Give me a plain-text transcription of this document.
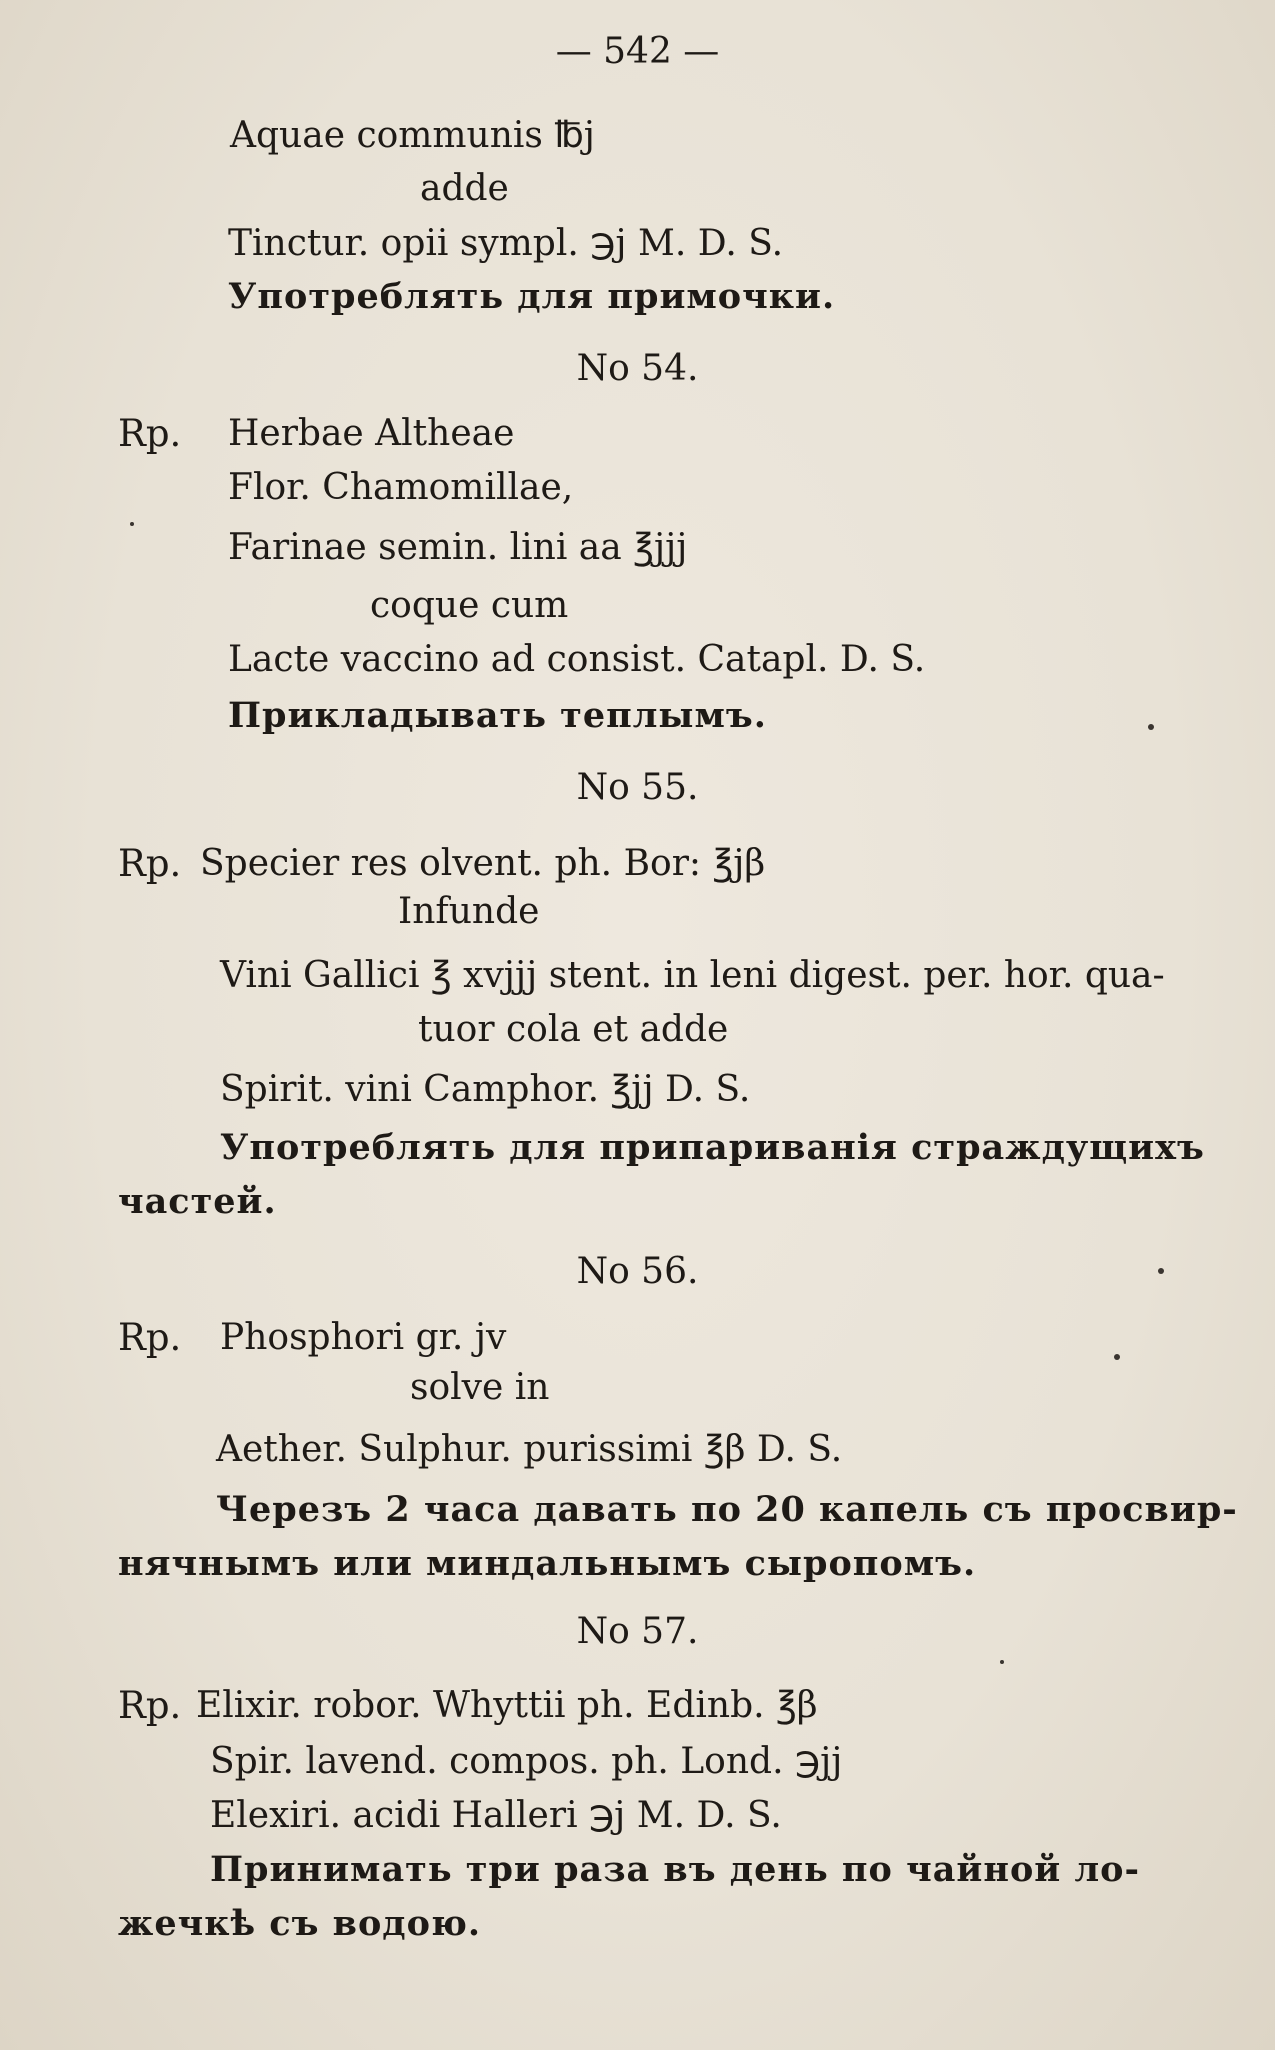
— 542 —
Aquae communis ℔j
adde
Tinctur. opii sympl. ℈j M. D. S.
Употреблять для примочки.
No 54.
Rp. Herbae Altheae
Flor. Chamomillae,
Farinae semin. lini aa ℥jjj
coque cum
Lacte vaccino ad consist. Catapl. D. S.
Прикладывать теплымъ.
No 55.
Rp. Specier res olvent. ph. Bor: ℥jβ
Infunde
Vini Gallici ℥ xvjjj stent. in leni digest. per. hor. qua-
tuor cola et adde
Spirit. vini Camphor. ℥jj D. S.
Употреблять для припариванія страждущихъ
частей.
No 56.
Rp. Phosphori gr. jv
solve in
Aether. Sulphur. purissimi ℥β D. S.
Черезъ 2 часа давать по 20 капель съ просвир-
нячнымъ или миндальнымъ сыропомъ.
No 57.
Rp. Elixir. robor. Whyttii ph. Edinb. ℥β
Spir. lavend. compos. ph. Lond. ℈jj
Elexiri. acidi Halleri ℈j M. D. S.
Принимать три раза въ день по чайной ло-
жечкѣ съ водою.
